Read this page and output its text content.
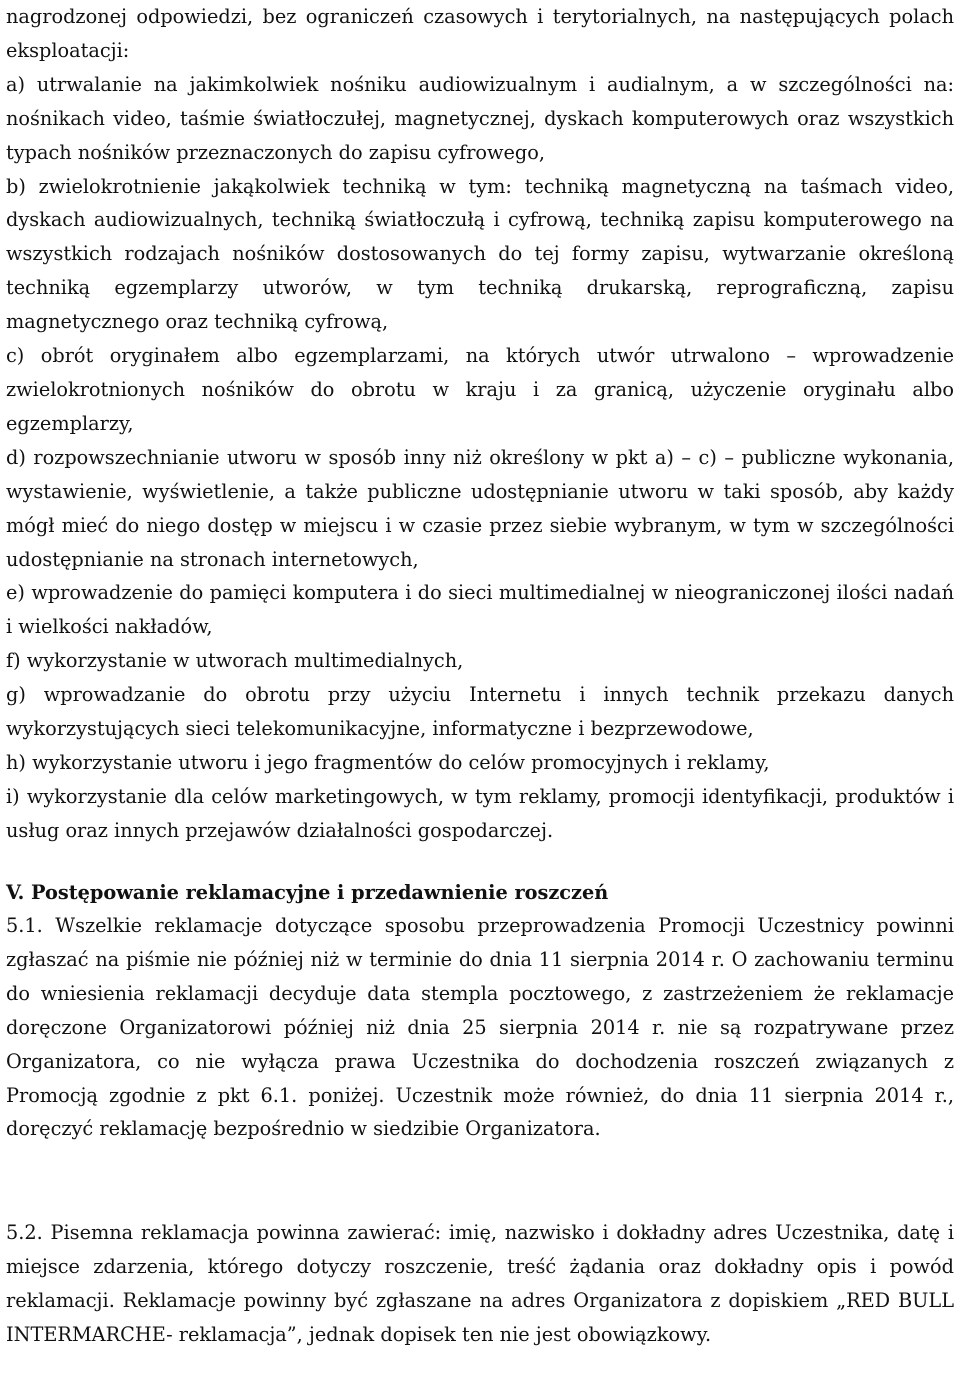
nagrodzonej odpowiedzi, bez ograniczeń czasowych i terytorialnych, na następujących polach eksploatacji:

a) utrwalanie na jakimkolwiek nośniku audiowizualnym i audialnym, a w szczególności na: nośnikach video, taśmie światłoczułej, magnetycznej, dyskach komputerowych oraz wszystkich typach nośników przeznaczonych do zapisu cyfrowego,

b) zwielokrotnienie jakąkolwiek techniką w tym: techniką magnetyczną na taśmach video, dyskach audiowizualnych, techniką światłoczułą i cyfrową, techniką zapisu komputerowego na wszystkich rodzajach nośników dostosowanych do tej formy zapisu, wytwarzanie określoną techniką egzemplarzy utworów, w tym techniką drukarską, reprograficzną, zapisu magnetycznego oraz techniką cyfrową,

c) obrót oryginałem albo egzemplarzami, na których utwór utrwalono – wprowadzenie zwielokrotnionych nośników do obrotu w kraju i za granicą, użyczenie oryginału albo egzemplarzy,

d) rozpowszechnianie utworu w sposób inny niż określony w pkt a) – c) – publiczne wykonania, wystawienie, wyświetlenie, a także publiczne udostępnianie utworu w taki sposób, aby każdy mógł mieć do niego dostęp w miejscu i w czasie przez siebie wybranym, w tym w szczególności udostępnianie na stronach internetowych,

e) wprowadzenie do pamięci komputera i do sieci multimedialnej w nieograniczonej ilości nadań i wielkości nakładów,

f) wykorzystanie w utworach multimedialnych,

g) wprowadzanie do obrotu przy użyciu Internetu i innych technik przekazu danych wykorzystujących sieci telekomunikacyjne, informatyczne i bezprzewodowe,

h) wykorzystanie utworu i jego fragmentów do celów promocyjnych i reklamy,

i) wykorzystanie dla celów marketingowych, w tym reklamy, promocji identyfikacji, produktów i usług oraz innych przejawów działalności gospodarczej.

V. Postępowanie reklamacyjne i przedawnienie roszczeń

5.1. Wszelkie reklamacje dotyczące sposobu przeprowadzenia Promocji Uczestnicy powinni zgłaszać na piśmie nie później niż w terminie do dnia 11 sierpnia 2014 r. O zachowaniu terminu do wniesienia reklamacji decyduje data stempla pocztowego, z zastrzeżeniem że reklamacje doręczone Organizatorowi później niż dnia 25 sierpnia 2014 r. nie są rozpatrywane przez Organizatora, co nie wyłącza prawa Uczestnika do dochodzenia roszczeń związanych z Promocją zgodnie z pkt 6.1. poniżej. Uczestnik może również, do dnia 11 sierpnia 2014 r., doręczyć reklamację bezpośrednio w siedzibie Organizatora.

5.2. Pisemna reklamacja powinna zawierać: imię, nazwisko i dokładny adres Uczestnika, datę i miejsce zdarzenia, którego dotyczy roszczenie, treść żądania oraz dokładny opis i powód reklamacji. Reklamacje powinny być zgłaszane na adres Organizatora z dopiskiem „RED BULL INTERMARCHE- reklamacja”, jednak dopisek ten nie jest obowiązkowy.
